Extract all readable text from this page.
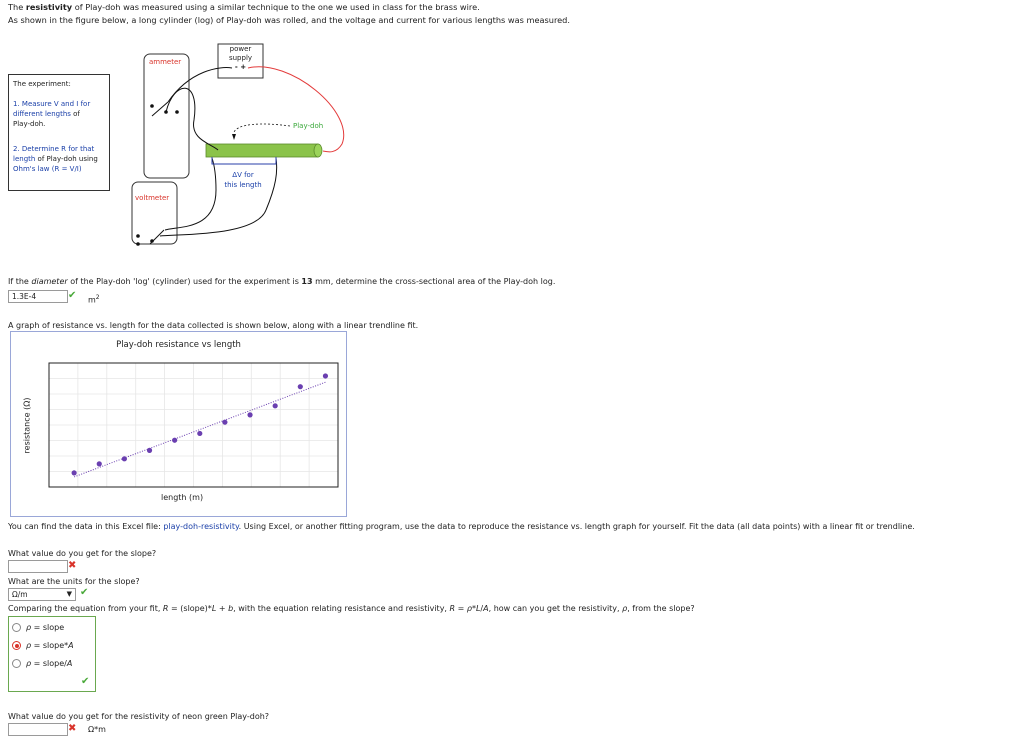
The resistivity of Play-doh was measured using a similar technique to the one we used in class for the brass wire.
As shown in the figure below, a long cylinder (log) of Play-doh was rolled, and the voltage and current for various lengths was measured.
The experiment:
1. Measure V and I for
different lengths of
Play-doh.
2. Determine R for that
length of Play-doh using
Ohm's law (R = V/I)
ammeter
power
supply
- +
Play-doh
ΔV for
this length
voltmeter
If the diameter of the Play-doh 'log' (cylinder) used for the experiment is 13 mm, determine the cross-sectional area of the Play-doh log.
1.3E-4	✔ $m^2$
A graph of resistance vs. length for the data collected is shown below, along with a linear trendline fit.
Play-doh resistance vs length
length (m)
resistance (Ω)
You can find the data in this Excel file: play-doh-resistivity. Using Excel, or another fitting program, use the data to reproduce the resistance vs. length graph for yourself. Fit the data (all data points) with a linear fit or trendline.
What value do you get for the slope?
✖
What are the units for the slope?
Ω/m	▼ ✔
Comparing the equation from your fit, R = (slope)*L + b, with the equation relating resistance and resistivity, R = ρ*L/A, how can you get the resistivity, ρ, from the slope?
ρ = slope
ρ = slope*A
ρ = slope/A
✔
What value do you get for the resistivity of neon green Play-doh?
✖ Ω*m
